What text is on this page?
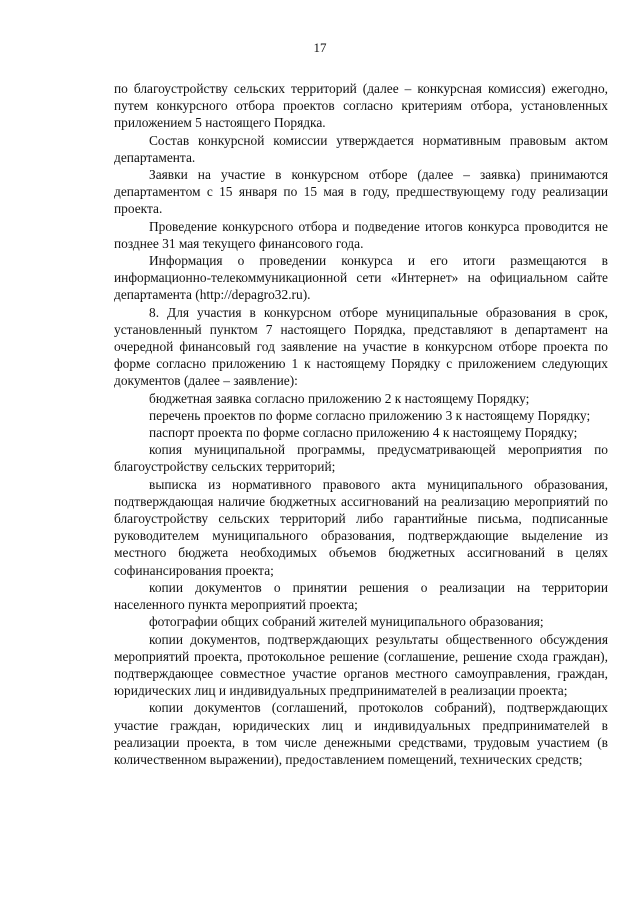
17

по благоустройству сельских территорий (далее – конкурсная комиссия) ежегодно, путем конкурсного отбора проектов согласно критериям отбора, установленных приложением 5 настоящего Порядка.

Состав конкурсной комиссии утверждается нормативным правовым актом департамента.

Заявки на участие в конкурсном отборе (далее – заявка) принимаются департаментом с 15 января по 15 мая в году, предшествующему году реализации проекта.

Проведение конкурсного отбора и подведение итогов конкурса проводится не позднее 31 мая текущего финансового года.

Информация о проведении конкурса и его итоги размещаются в информационно-телекоммуникационной сети «Интернет» на официальном сайте департамента (http://depagro32.ru).

8. Для участия в конкурсном отборе муниципальные образования в срок, установленный пунктом 7 настоящего Порядка, представляют в департамент на очередной финансовый год заявление на участие в конкурсном отборе проекта по форме согласно приложению 1 к настоящему Порядку с приложением следующих документов (далее – заявление):

бюджетная заявка согласно приложению 2 к настоящему Порядку;

перечень проектов по форме согласно приложению 3 к настоящему Порядку;

паспорт проекта по форме согласно приложению 4 к настоящему Порядку;

копия муниципальной программы, предусматривающей мероприятия по благоустройству сельских территорий;

выписка из нормативного правового акта муниципального образования, подтверждающая наличие бюджетных ассигнований на реализацию мероприятий по благоустройству сельских территорий либо гарантийные письма, подписанные руководителем муниципального образования, подтверждающие выделение из местного бюджета необходимых объемов бюджетных ассигнований в целях софинансирования проекта;

копии документов о принятии решения о реализации на территории населенного пункта мероприятий проекта;

фотографии общих собраний жителей муниципального образования;

копии документов, подтверждающих результаты общественного обсуждения мероприятий проекта, протокольное решение (соглашение, решение схода граждан), подтверждающее совместное участие органов местного самоуправления, граждан, юридических лиц и индивидуальных предпринимателей в реализации проекта;

копии документов (соглашений, протоколов собраний), подтверждающих участие граждан, юридических лиц и индивидуальных предпринимателей в реализации проекта, в том числе денежными средствами, трудовым участием (в количественном выражении), предоставлением помещений, технических средств;
